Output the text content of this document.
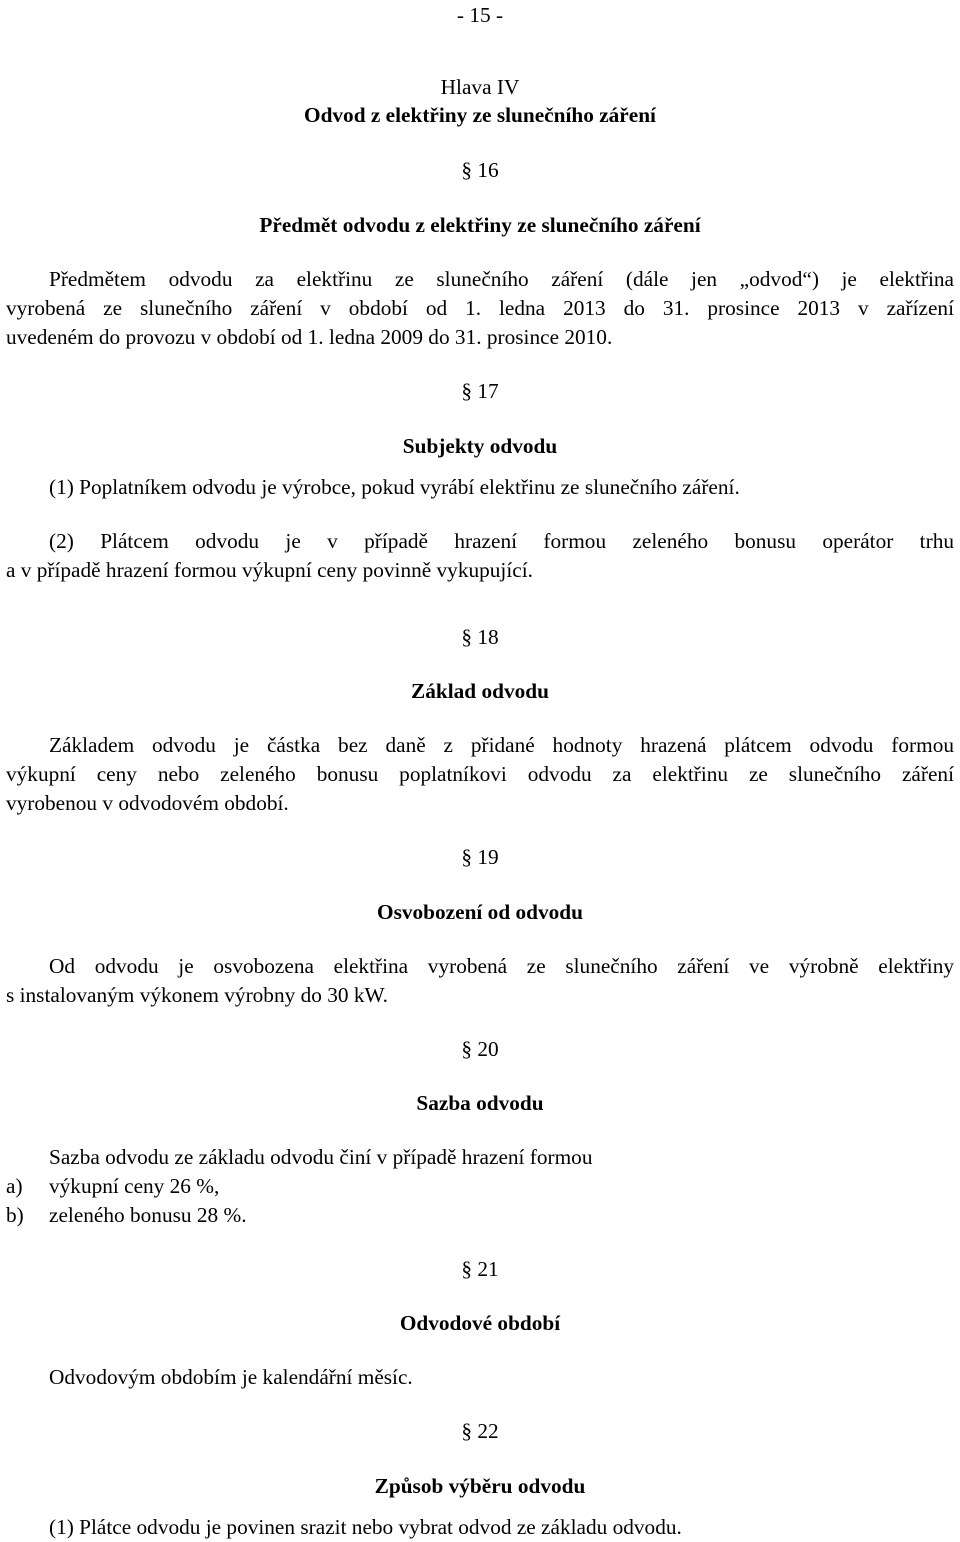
- 15 -
Hlava IV
Odvod z elektřiny ze slunečního záření
§ 16
Předmět odvodu z elektřiny ze slunečního záření
Předmětem odvodu za elektřinu ze slunečního záření (dále jen „odvod“) je elektřina
vyrobená ze slunečního záření v období od 1. ledna 2013 do 31. prosince 2013 v zařízení
uvedeném do provozu v období od 1. ledna 2009 do 31. prosince 2010.
§ 17
Subjekty odvodu
(1) Poplatníkem odvodu je výrobce, pokud vyrábí elektřinu ze slunečního záření.
(2) Plátcem odvodu je v případě hrazení formou zeleného bonusu operátor trhu
a v případě hrazení formou výkupní ceny povinně vykupující.
§ 18
Základ odvodu
Základem odvodu je částka bez daně z přidané hodnoty hrazená plátcem odvodu formou
výkupní ceny nebo zeleného bonusu poplatníkovi odvodu za elektřinu ze slunečního záření
vyrobenou v odvodovém období.
§ 19
Osvobození od odvodu
Od odvodu je osvobozena elektřina vyrobená ze slunečního záření ve výrobně elektřiny
s instalovaným výkonem výrobny do 30 kW.
§ 20
Sazba odvodu
Sazba odvodu ze základu odvodu činí v případě hrazení formou
a) výkupní ceny 26 %,
b) zeleného bonusu 28 %.
§ 21
Odvodové období
Odvodovým obdobím je kalendářní měsíc.
§ 22
Způsob výběru odvodu
(1) Plátce odvodu je povinen srazit nebo vybrat odvod ze základu odvodu.
